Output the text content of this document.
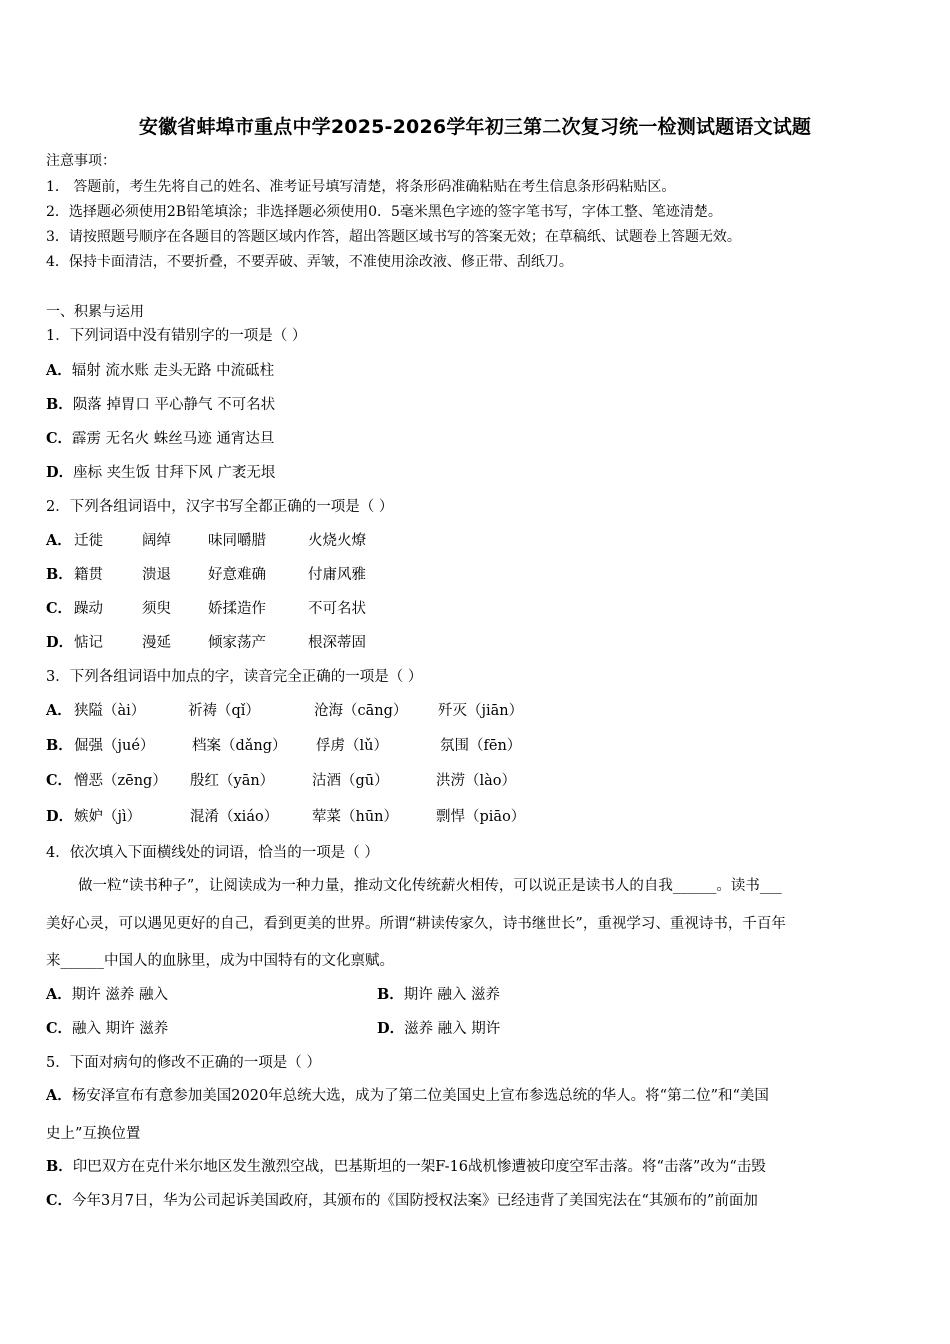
安徽省蚌埠市重点中学2025-2026学年初三第二次复习统一检测试题语文试题
注意事项：
1． 答题前，考生先将自己的姓名、准考证号填写清楚，将条形码准确粘贴在考生信息条形码粘贴区。
2．选择题必须使用2B铅笔填涂；非选择题必须使用0．5毫米黑色字迹的签字笔书写，字体工整、笔迹清楚。
3．请按照题号顺序在各题目的答题区域内作答，超出答题区域书写的答案无效；在草稿纸、试题卷上答题无效。
4．保持卡面清洁，不要折叠，不要弄破、弄皱，不准使用涂改液、修正带、刮纸刀。
一、积累与运用
1．下列词语中没有错别字的一项是（ ）
A．辐射 流水账 走头无路 中流砥柱
B．陨落 掉胃口 平心静气 不可名状
C．霹雳 无名火 蛛丝马迹 通宵达旦
D．座标 夹生饭 甘拜下风 广袤无垠
2．下列各组词语中，汉字书写全都正确的一项是（ ）
A． 迁徙	阔绰	味同嚼腊	火烧火燎
B． 籍贯	溃退	好意难确	付庸风雅
C． 躁动	须臾	娇揉造作	不可名状
D． 惦记	漫延	倾家荡产	根深蒂固
3．下列各组词语中加点的字，读音完全正确的一项是（ ）
A． 狭隘（ài）	祈祷（qǐ）	沧海（cāng） 歼灭（jiān）
B． 倔强（jué）	档案（dǎng） 俘虏（lǔ）	氛围（fēn）
C． 憎恶（zēng） 殷红（yān）	沽酒（gū）	洪涝（lào）
D． 嫉妒（jì）	混淆（xiáo） 荤菜（hūn）	剽悍（piāo）
4．依次填入下面横线处的词语，恰当的一项是（ ）
做一粒“读书种子”，让阅读成为一种力量，推动文化传统薪火相传，可以说正是读书人的自我______。读书___
美好心灵，可以遇见更好的自己，看到更美的世界。所谓“耕读传家久，诗书继世长”，重视学习、重视诗书，千百年
来______中国人的血脉里，成为中国特有的文化禀赋。
A．期许 滋养 融入	B．期许 融入 滋养
C．融入 期许 滋养	D．滋养 融入 期许
5．下面对病句的修改不正确的一项是（ ）
A．杨安泽宣布有意参加美国2020年总统大选，成为了第二位美国史上宣布参选总统的华人。将“第二位”和“美国
史上”互换位置
B．印巴双方在克什米尔地区发生激烈空战，巴基斯坦的一架F-16战机惨遭被印度空军击落。将“击落”改为“击毁
C．今年3月7日，华为公司起诉美国政府，其颁布的《国防授权法案》已经违背了美国宪法在“其颁布的”前面加
